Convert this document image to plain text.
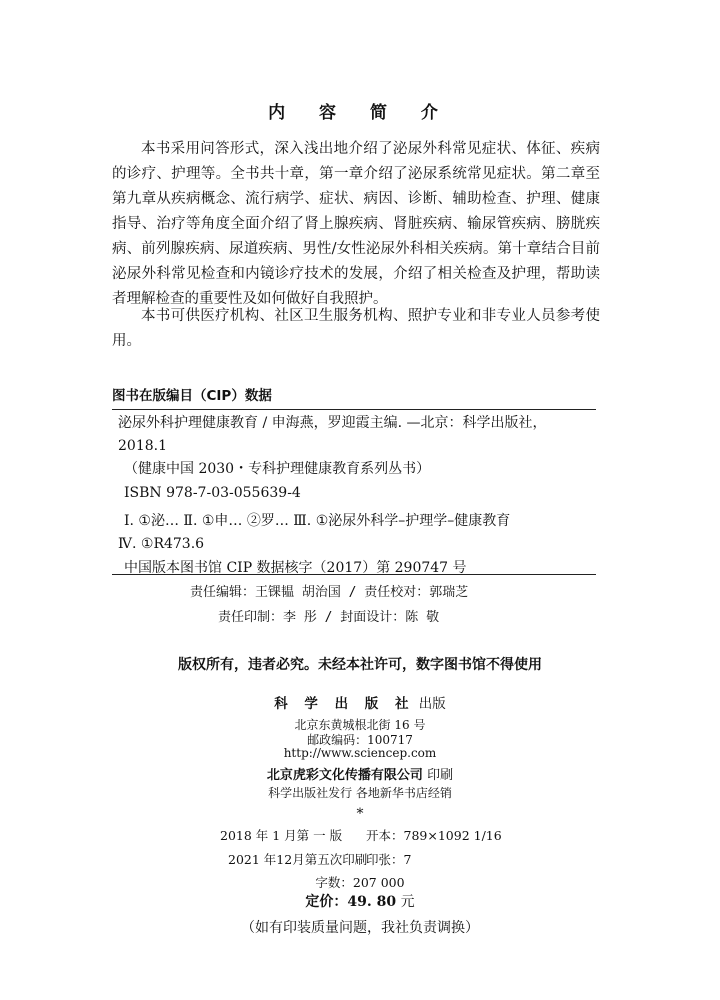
内 容 简 介

本书采用问答形式，深入浅出地介绍了泌尿外科常见症状、体征、疾病的诊疗、护理等。全书共十章，第一章介绍了泌尿系统常见症状。第二章至第九章从疾病概念、流行病学、症状、病因、诊断、辅助检查、护理、健康指导、治疗等角度全面介绍了肾上腺疾病、肾脏疾病、输尿管疾病、膀胱疾病、前列腺疾病、尿道疾病、男性/女性泌尿外科相关疾病。第十章结合目前泌尿外科常见检查和内镜诊疗技术的发展，介绍了相关检查及护理，帮助读者理解检查的重要性及如何做好自我照护。

本书可供医疗机构、社区卫生服务机构、照护专业和非专业人员参考使用。

图书在版编目（CIP）数据
泌尿外科护理健康教育 / 申海燕，罗迎霞主编. —北京：科学出版社，
2018.1
（健康中国 2030・专科护理健康教育系列丛书）
ISBN 978-7-03-055639-4
Ⅰ. ①泌… Ⅱ. ①申… ②罗… Ⅲ. ①泌尿外科学–护理学–健康教育
Ⅳ. ①R473.6
中国版本图书馆 CIP 数据核字（2017）第 290747 号
责任编辑：王锞韫 胡治国 / 责任校对：郭瑞芝
责任印制：李 彤 / 封面设计：陈 敬
版权所有，违者必究。未经本社许可，数字图书馆不得使用
科 学 出 版 社 出版
北京东黄城根北街 16 号
邮政编码：100717
http://www.sciencep.com
北京虎彩文化传播有限公司 印刷
科学出版社发行 各地新华书店经销
*
2018 年 1 月第 一 版 开本：789×1092 1/16
2021 年12月第五次印刷
印张：7
字数：207 000
定价：49. 80 元
（如有印装质量问题，我社负责调换）
